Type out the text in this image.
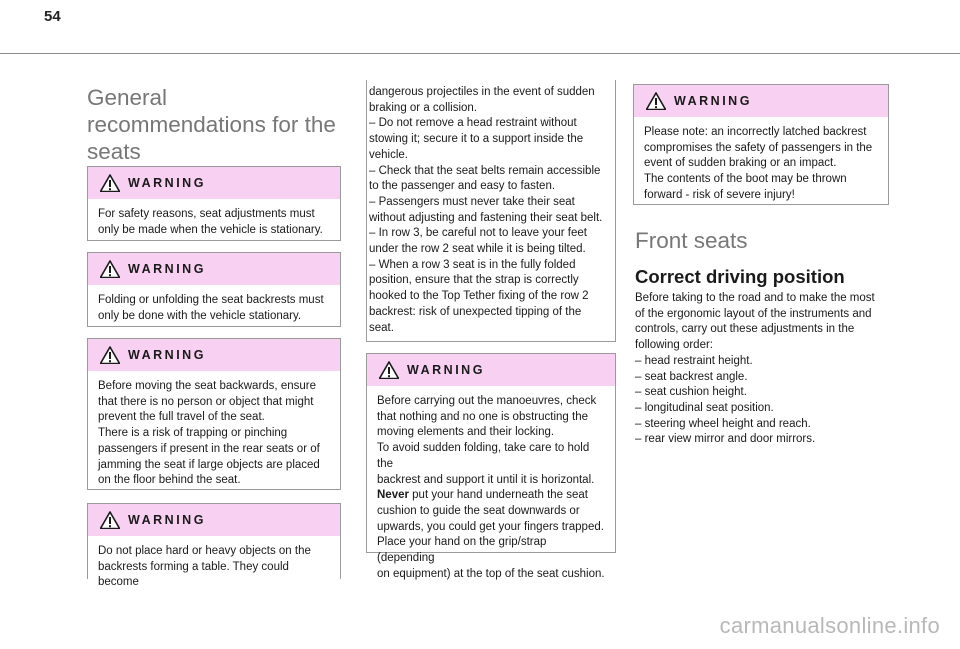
54
General
recommendations for the
seats
WARNING

For safety reasons, seat adjustments must

only be made when the vehicle is stationary.

WARNING

Folding or unfolding the seat backrests must

only be done with the vehicle stationary.

WARNING

Before moving the seat backwards, ensure

that there is no person or object that might

prevent the full travel of the seat.

There is a risk of trapping or pinching

passengers if present in the rear seats or of

jamming the seat if large objects are placed

on the floor behind the seat.

WARNING

Do not place hard or heavy objects on the

backrests forming a table. They could become

dangerous projectiles in the event of sudden

braking or a collision.

– Do not remove a head restraint without

stowing it; secure it to a support inside the

vehicle.

– Check that the seat belts remain accessible

to the passenger and easy to fasten.

– Passengers must never take their seat

without adjusting and fastening their seat belt.

– In row 3, be careful not to leave your feet

under the row 2 seat while it is being tilted.

– When a row 3 seat is in the fully folded

position, ensure that the strap is correctly

hooked to the Top Tether fixing of the row 2

backrest: risk of unexpected tipping of the

seat.

WARNING

Before carrying out the manoeuvres, check

that nothing and no one is obstructing the

moving elements and their locking.

To avoid sudden folding, take care to hold the

backrest and support it until it is horizontal.

Never put your hand underneath the seat

cushion to guide the seat downwards or

upwards, you could get your fingers trapped.

Place your hand on the grip/strap (depending

on equipment) at the top of the seat cushion.

WARNING

Please note: an incorrectly latched backrest

compromises the safety of passengers in the

event of sudden braking or an impact.

The contents of the boot may be thrown

forward - risk of severe injury!

Front seats
Correct driving position

Before taking to the road and to make the most

of the ergonomic layout of the instruments and

controls, carry out these adjustments in the

following order:

– head restraint height.

– seat backrest angle.

– seat cushion height.

– longitudinal seat position.

– steering wheel height and reach.

– rear view mirror and door mirrors.

carmanualsonline.info
